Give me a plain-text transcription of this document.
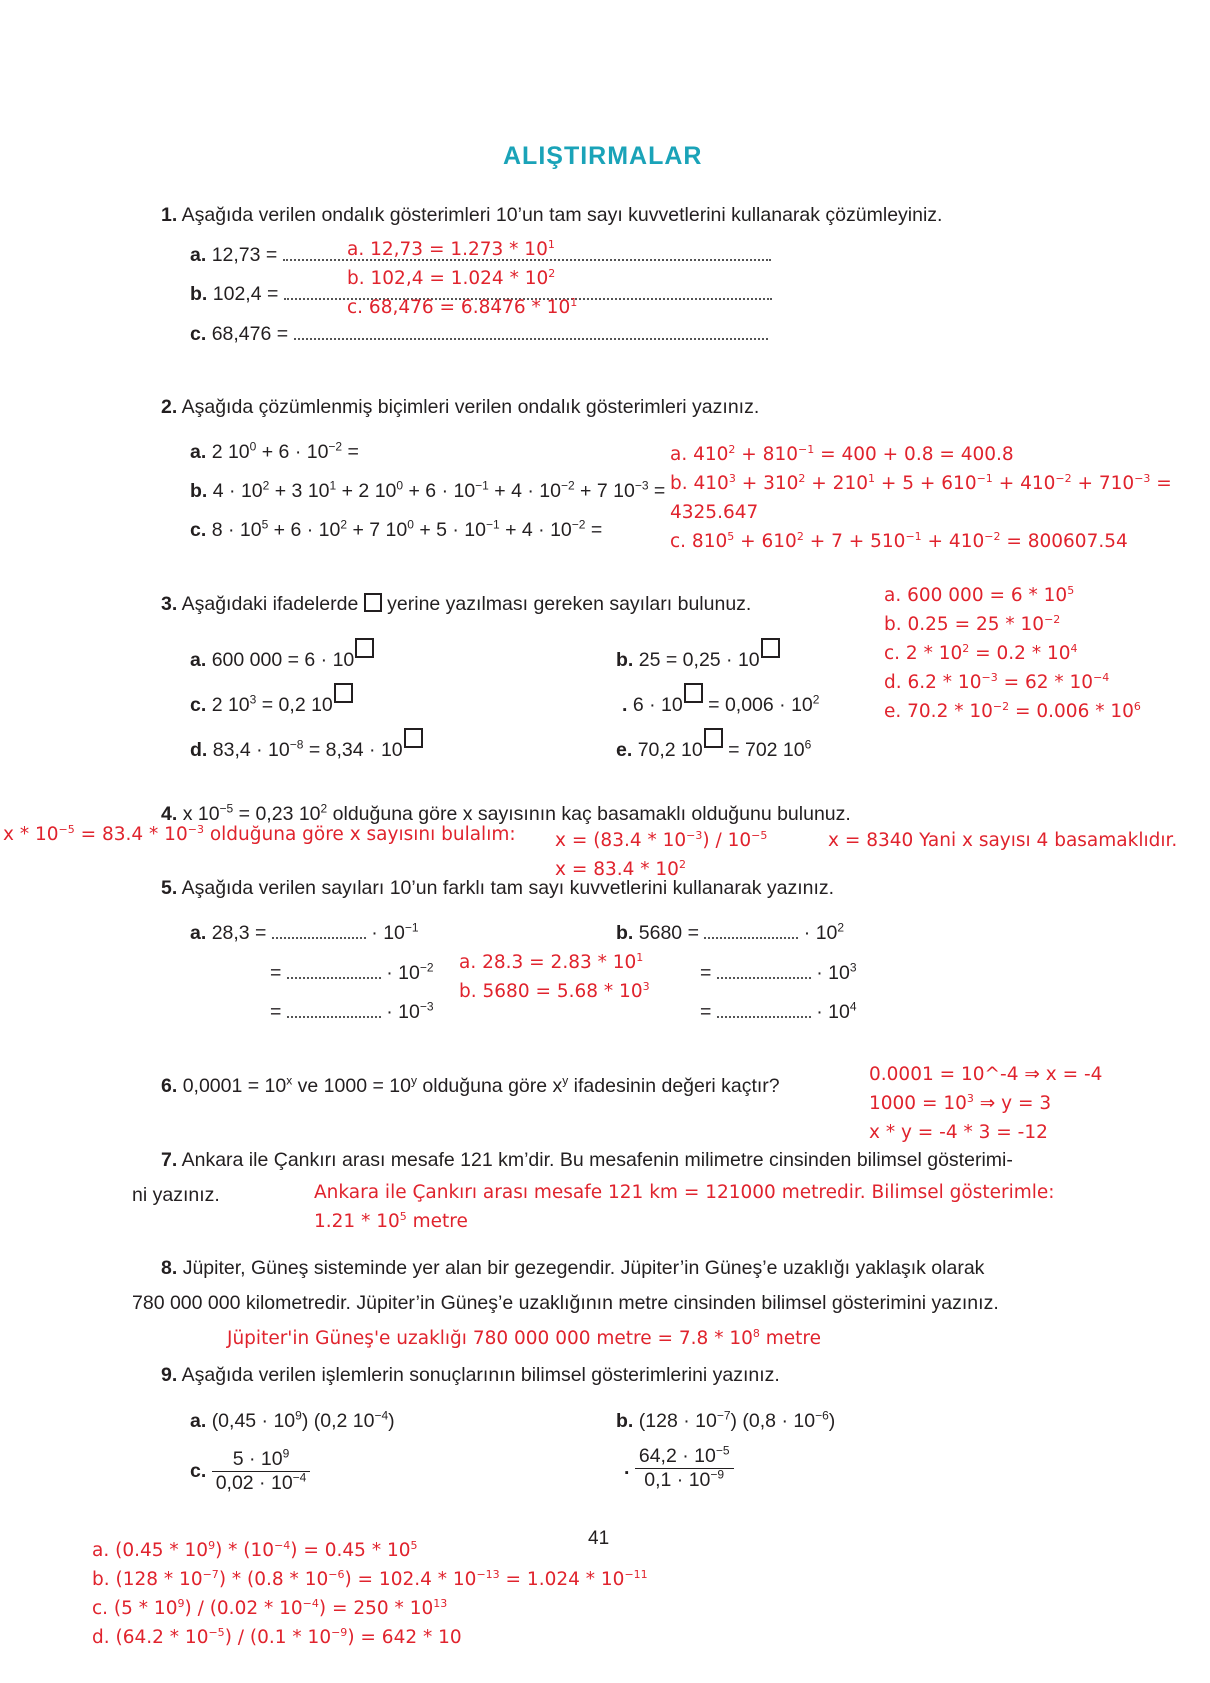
ALIŞTIRMALAR
1. Aşağıda verilen ondalık gösterimleri 10’un tam sayı kuvvetlerini kullanarak çözümleyiniz.
a. 12,73 =
b. 102,4 =
c. 68,476 =
a. $12,73 = 1.273 * 10^1$
b. $102,4 = 1.024 * 10^2$
c. $68,476 = 6.8476 * 10^1$
2. Aşağıda çözümlenmiş biçimleri verilen ondalık gösterimleri yazınız.
a. 2 $10^0 + 6 \cdot 10^{-2}$ =
b. $4 \cdot 10^2 + 3$ $10^1 + 2$ $10^0 + 6 \cdot 10^{-1} + 4 \cdot 10^{-2} + 7$ $10^{-3}$ =
c. $8 \cdot 10^5 + 6 \cdot 10^2 + 7$ $10^0 + 5 \cdot 10^{-1} + 4 \cdot 10^{-2}$ =
a. $410^2 + 810^{-1} = 400 + 0.8 = 400.8$
b. $410^3 + 310^2 + 210^1 + 5 + 610^{-1} + 410^{-2} + 710^{-3}$ =
4325.647
c. $810^5 + 610^2 + 7 + 510^{-1} + 410^{-2} = 800607.54$
3. Aşağıdaki ifadelerde yerine yazılması gereken sayıları bulunuz.
a. 600 000 = 6 · 10	b. 25 = 0,25 · 10
c. 2 $10^3 = 0,2$ 10	. $6 \cdot 10 = 0,006 \cdot 10^2$
d. $83,4 \cdot 10^{-8} = 8,34 \cdot 10$	e. 70,2 10 = 702 $10^6$
a. 600 $000 = 6 * 10^5$
b. $0.25 = 25 * 10^{-2}$
c. $2 * 10^2 = 0.2 * 10^4$
d. $6.2 * 10^{-3} = 62 * 10^{-4}$
e. $70.2 * 10^{-2} = 0.006 * 10^6$
4. x $10^{-5} = 0,23$ $10^2$ olduğuna göre x sayısının kaç basamaklı olduğunu bulunuz.
$x * 10^{-5} = 83.4 * 10^{-3}$ olduğuna göre x sayısını bulalım: $x = (83.4 * 10^{-3}) / 10^{-5}$
$x = 83.4 * 10^2$
x = 8340 Yani x sayısı 4 basamaklıdır.
5. Aşağıda verilen sayıları 10’un farklı tam sayı kuvvetlerini kullanarak yazınız.
a. 28,3 =	· $10^{-1}$
=	· $10^{-2}$
=	· $10^{-3}$
b. 5680 =	· $10^2$
=	· $10^3$
=	· $10^4$
a. $28.3 = 2.83 * 10^1$
b. $5680 = 5.68 * 10^3$
6. $0,0001 = 10^x$ ve $1000 = 10^y$ olduğuna göre $x^y$ ifadesinin değeri kaçtır?
0.0001 = 10^-4 ⇒ x = -4
$1000 = 10^3$ ⇒ y = 3
x * y = -4 * 3 = -12
7. Ankara ile Çankırı arası mesafe 121 km’dir. Bu mesafenin milimetre cinsinden bilimsel gösterimi-
ni yazınız.	Ankara ile Çankırı arası mesafe 121 km = 121000 metredir. Bilimsel gösterimle:
$1.21 * 10^5$ metre
8. Jüpiter, Güneş sisteminde yer alan bir gezegendir. Jüpiter’in Güneş’e uzaklığı yaklaşık olarak
780 000 000 kilometredir. Jüpiter’in Güneş’e uzaklığının metre cinsinden bilimsel gösterimini yazınız.
Jüpiter'in Güneş'e uzaklığı 780 000 000 metre = $7.8 * 10^8$ metre
9. Aşağıda verilen işlemlerin sonuçlarının bilimsel gösterimlerini yazınız.
a. $(0,45 \cdot 10^9)$ (0,2 $10^{-4}$)	b. $(128 \cdot 10^{-7})$ $(0,8 \cdot 10^{-6})$
c. $\frac{5 \cdot 10^9}{0,02 \cdot 10^{-4}}$	. $\frac{64,2 \cdot 10^{-5}}{0,1 \cdot 10^{-9}}$
41
a. $(0.45 * 10^9) * (10^{-4}) = 0.45 * 10^5$
b. $(128 * 10^{-7}) * (0.8 * 10^{-6}) = 102.4 * 10^{-13} = 1.024 * 10^{-11}$
c. $(5 * 10^9) / (0.02 * 10^{-4}) = 250 * 10^{13}$
d. $(64.2 * 10^{-5}) / (0.1 * 10^{-9}) = 642 * 10$
